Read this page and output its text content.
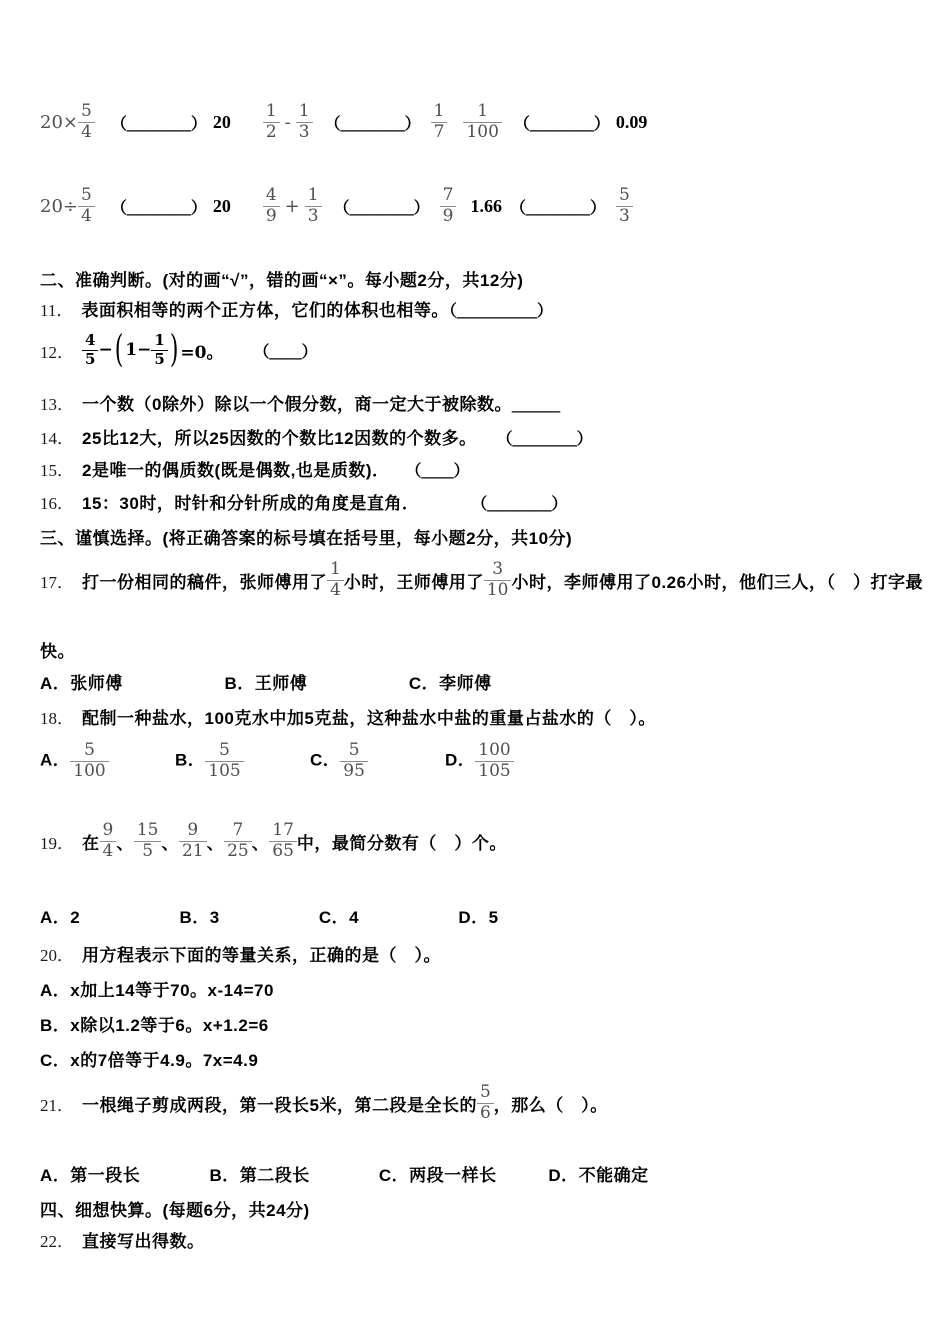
$20\times \frac{5}{4}$ （＿＿＿＿） $20 \frac{1}{2} - \frac{1}{3}$ （＿＿＿＿） $\frac{1}{7} \frac{1}{100}$ （＿＿＿＿） 0.09
$20\div \frac{5}{4}$ （＿＿＿＿） $20 \frac{4}{9} + \frac{1}{3}$ （＿＿＿＿） $\frac{7}{9} 1.66$ （＿＿＿＿） $\frac{5}{3}$
二、准确判断。(对的画“√”，错的画“×”。每小题2分，共12分)
11． 表面积相等的两个正方体，它们的体积也相等。（＿＿＿＿＿）
12． $\frac{4}{5}$ − ( $1 - \frac{1}{5}$ ) =0。 （＿＿）
13． 一个数（0除外）除以一个假分数，商一定大于被除数。＿＿＿
14． 25比12大，所以25因数的个数比12因数的个数多。 （＿＿＿＿）
15． 2是唯一的偶质数(既是偶数,也是质数)． （＿＿）
16． 15：30时，时针和分针所成的角度是直角．	（＿＿＿＿）
三、谨慎选择。(将正确答案的标号填在括号里，每小题2分，共10分)
17． 打一份相同的稿件，张师傅用了 $\frac{1}{4}$ 小时，王师傅用了 $\frac{3}{10}$ 小时，李师傅用了0.26小时，他们三人，（　）打字最
快。
A．张师傅	B．王师傅	C．李师傅
18． 配制一种盐水，100克水中加5克盐，这种盐水中盐的重量占盐水的（　）。
A． $\frac{5}{100}$	B． $\frac{5}{105}$	C． $\frac{5}{95}$	D． $\frac{100}{105}$
19． 在 $\frac{9}{4}$ 、 $\frac{15}{5}$ 、 $\frac{9}{21}$ 、 $\frac{7}{25}$ 、 $\frac{17}{65}$ 中，最简分数有（　）个。
A．2	B．3	C．4	D．5
20． 用方程表示下面的等量关系，正确的是（　）。
A．x加上14等于70。x-14=70
B．x除以1.2等于6。x+1.2=6
C．x的7倍等于4.9。7x=4.9
21． 一根绳子剪成两段，第一段长5米，第二段是全长的 $\frac{5}{6}$ ，那么（　）。
A．第一段长	B．第二段长	C．两段一样长	D．不能确定
四、细想快算。(每题6分，共24分)
22． 直接写出得数。
